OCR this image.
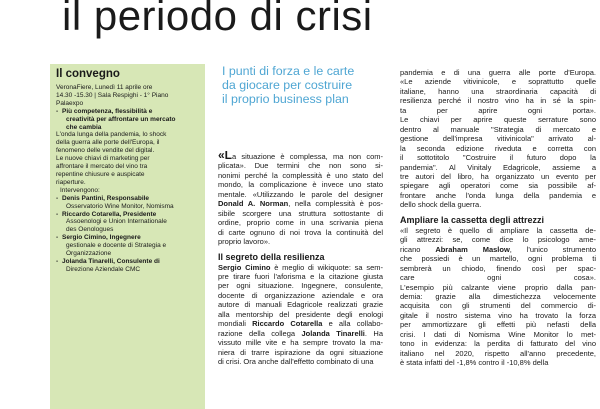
il periodo di crisi
Il convegno

VeronaFiere, Lunedì 11 aprile ore

14.30 -15.30 | Sala Respighi - 1° Piano

Palaexpo

- Più competenza, flessibilità e

creatività per affrontare un mercato

che cambia

L'onda lunga della pandemia, lo shock

della guerra alle porte dell'Europa, il

fenomeno delle vendite del digital.

Le nuove chiavi di marketing per

affrontare il mercato del vino tra

repentine chiusure e auspicate

riaperture.

Intervengono:

- Denis Pantini, Responsabile

Osservatorio Wine Monitor, Nomisma

- Riccardo Cotarella, Presidente

Assoenologi e Union Internationale

des Oenologues

- Sergio Cimino, Ingegnere

gestionale e docente di Strategia e

Organizzazione

- Jolanda Tinarelli, Consulente di

Direzione Aziendale CMC

I punti di forza e le carte
da giocare per costruire
il proprio business plan
«La situazione è complessa, ma non com-
plicata». Due termini che non sono si-
nonimi perché la complessità è uno stato del
mondo, la complicazione è invece uno stato
mentale. «Utilizzando le parole del designer
Donald A. Norman, nella complessità è pos-
sibile scorgere una struttura sottostante di
ordine, proprio come in una scrivania piena
di carte ognuno di noi trova la continuità del
proprio lavoro».

Il segreto della resilienza

Sergio Cimino è meglio di wikiquote: sa sem-
pre tirare fuori l'aforisma e la citazione giusta
per ogni situazione. Ingegnere, consulente,
docente di organizzazione aziendale e ora
autore di manuali Edagricole realizzati grazie
alla mentorship del presidente degli enologi
mondiali Riccardo Cotarella e alla collabo-
razione della collega Jolanda Tinarelli. Ha
vissuto mille vite e ha sempre trovato la ma-
niera di trarre ispirazione da ogni situazione
di crisi. Ora anche dall'effetto combinato di una
pandemia e di una guerra alle porte d'Europa.
«Le aziende vitivinicole, e soprattutto quelle
italiane, hanno una straordinaria capacità di
resilienza perché il nostro vino ha in sé la spin-
ta per aprire ogni porta».
Le chiavi per aprire queste serrature sono
dentro al manuale "Strategia di mercato e
gestione dell'impresa vitivinicola" arrivato al-
la seconda edizione riveduta e corretta con
il sottotitolo "Costruire il futuro dopo la
pandemia". Al Vinitaly Edagricole, assieme a
tre autori del libro, ha organizzato un evento per
spiegare agli operatori come sia possibile af-
frontare anche l'onda lunga della pandemia e
dello shock della guerra.

Ampliare la cassetta degli attrezzi

«Il segreto è quello di ampliare la cassetta de-
gli attrezzi: se, come dice lo psicologo ame-
ricano Abraham Maslow, l'unico strumento
che possiedi è un martello, ogni problema ti
sembrerà un chiodo, finendo così per spac-
care ogni cosa».
L'esempio più calzante viene proprio dalla pan-
demia: grazie alla dimestichezza velocemente
acquisita con gli strumenti del commercio di-
gitale il nostro sistema vino ha trovato la forza
per ammortizzare gli effetti più nefasti della
crisi. I dati di Nomisma Wine Monitor lo met-
tono in evidenza: la perdita di fatturato del vino
italiano nel 2020, rispetto all'anno precedente,
è stata infatti del -1,8% contro il -10,8% della
